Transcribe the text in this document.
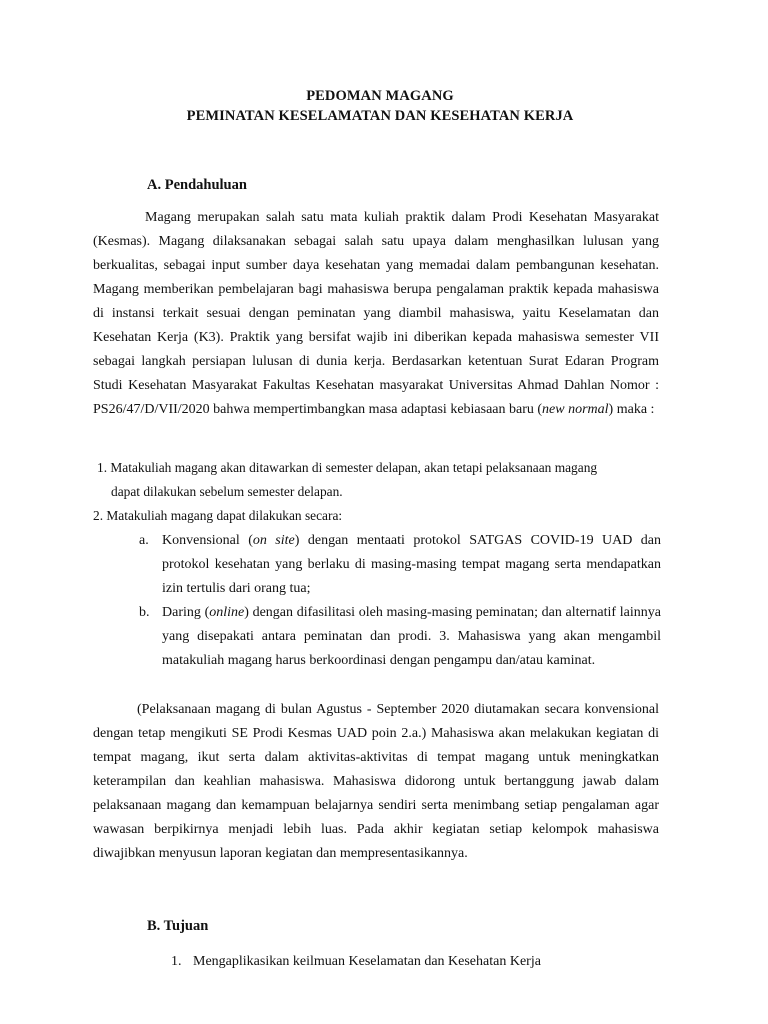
PEDOMAN MAGANG
PEMINATAN KESELAMATAN DAN KESEHATAN KERJA
A. Pendahuluan
Magang merupakan salah satu mata kuliah praktik dalam Prodi Kesehatan Masyarakat (Kesmas). Magang dilaksanakan sebagai salah satu upaya dalam menghasilkan lulusan yang berkualitas, sebagai input sumber daya kesehatan yang memadai dalam pembangunan kesehatan. Magang memberikan pembelajaran bagi mahasiswa berupa pengalaman praktik kepada mahasiswa di instansi terkait sesuai dengan peminatan yang diambil mahasiswa, yaitu Keselamatan dan Kesehatan Kerja (K3). Praktik yang bersifat wajib ini diberikan kepada mahasiswa semester VII sebagai langkah persiapan lulusan di dunia kerja. Berdasarkan ketentuan Surat Edaran Program Studi Kesehatan Masyarakat Fakultas Kesehatan masyarakat Universitas Ahmad Dahlan Nomor : PS26/47/D/VII/2020 bahwa mempertimbangkan masa adaptasi kebiasaan baru (new normal) maka :
1. Matakuliah magang akan ditawarkan di semester delapan, akan tetapi pelaksanaan magang
dapat dilakukan sebelum semester delapan.
2. Matakuliah magang dapat dilakukan secara:
a. Konvensional (on site) dengan mentaati protokol SATGAS COVID-19 UAD dan protokol kesehatan yang berlaku di masing-masing tempat magang serta mendapatkan izin tertulis dari orang tua;
b. Daring (online) dengan difasilitasi oleh masing-masing peminatan; dan alternatif lainnya yang disepakati antara peminatan dan prodi. 3. Mahasiswa yang akan mengambil matakuliah magang harus berkoordinasi dengan pengampu dan/atau kaminat.
(Pelaksanaan magang di bulan Agustus - September 2020 diutamakan secara konvensional dengan tetap mengikuti SE Prodi Kesmas UAD poin 2.a.) Mahasiswa akan melakukan kegiatan di tempat magang, ikut serta dalam aktivitas-aktivitas di tempat magang untuk meningkatkan keterampilan dan keahlian mahasiswa. Mahasiswa didorong untuk bertanggung jawab dalam pelaksanaan magang dan kemampuan belajarnya sendiri serta menimbang setiap pengalaman agar wawasan berpikirnya menjadi lebih luas. Pada akhir kegiatan setiap kelompok mahasiswa diwajibkan menyusun laporan kegiatan dan mempresentasikannya.
B. Tujuan
1. Mengaplikasikan keilmuan Keselamatan dan Kesehatan Kerja
